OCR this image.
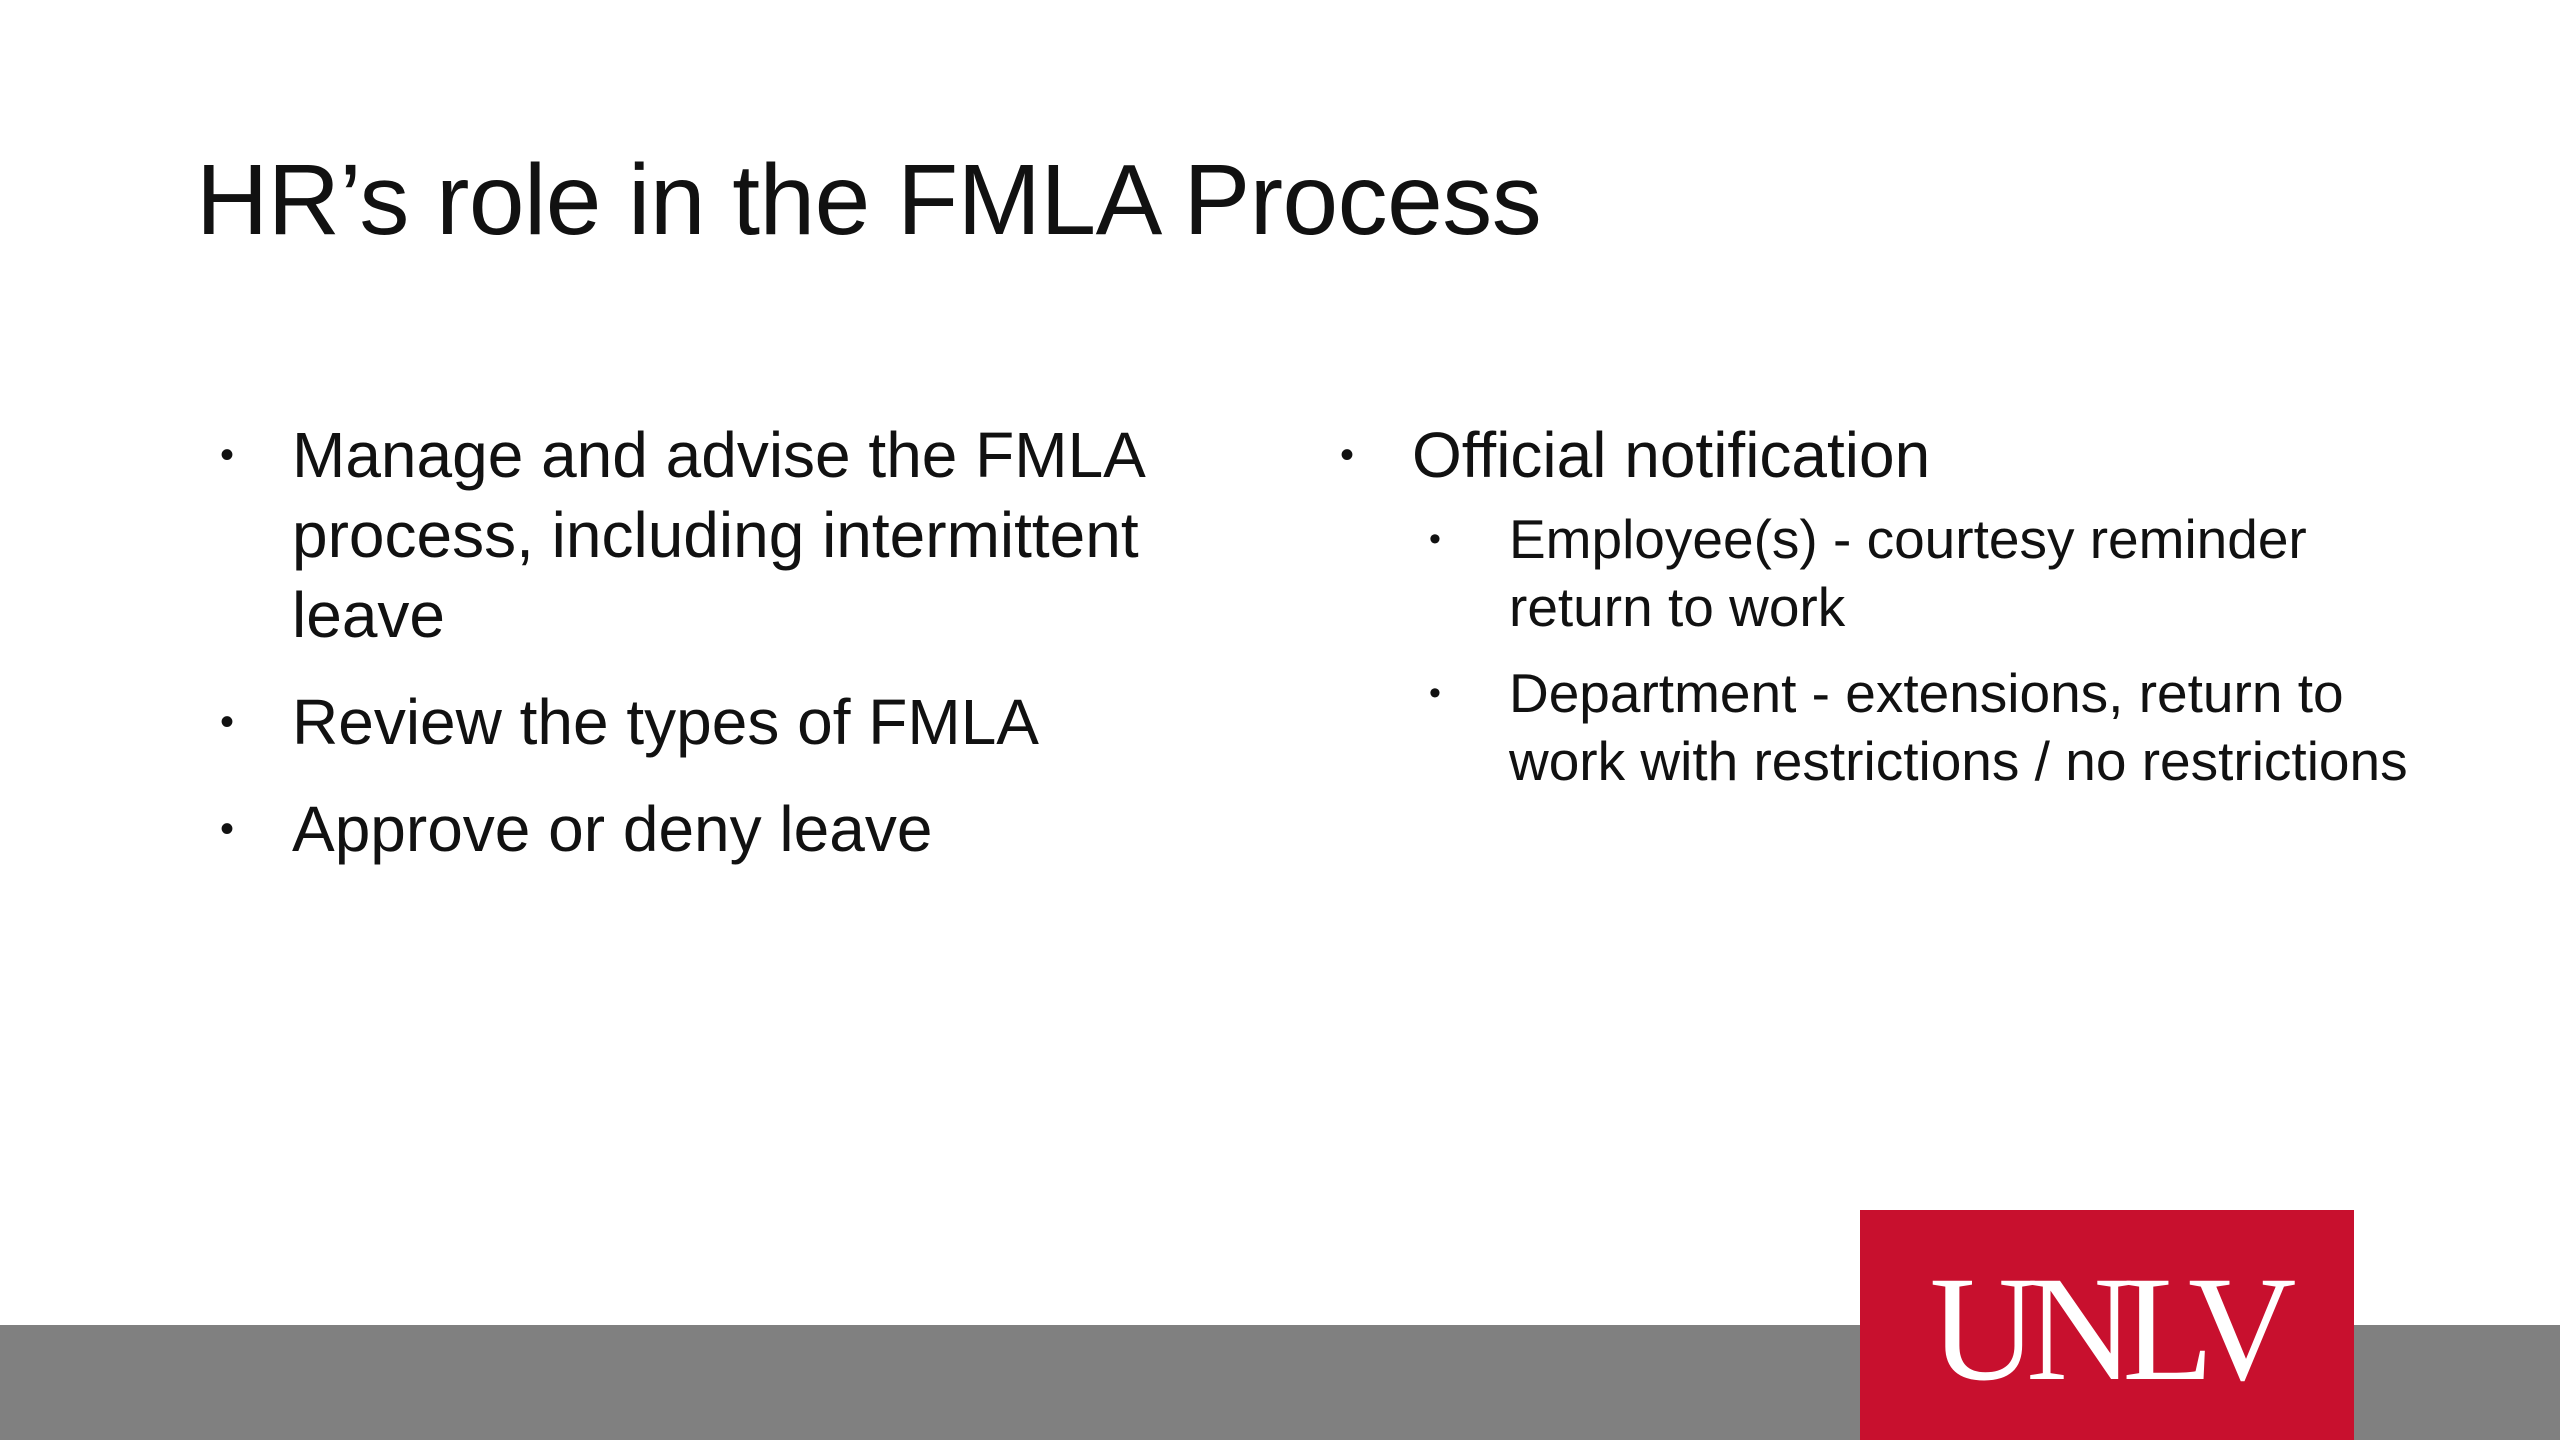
HR’s role in the FMLA Process
• Manage and advise the FMLA process, including intermittent leave
• Review the types of FMLA
• Approve or deny leave
• Official notification
• Employee(s) - courtesy reminder return to work
• Department - extensions, return to work with restrictions / no restrictions
UNLV
